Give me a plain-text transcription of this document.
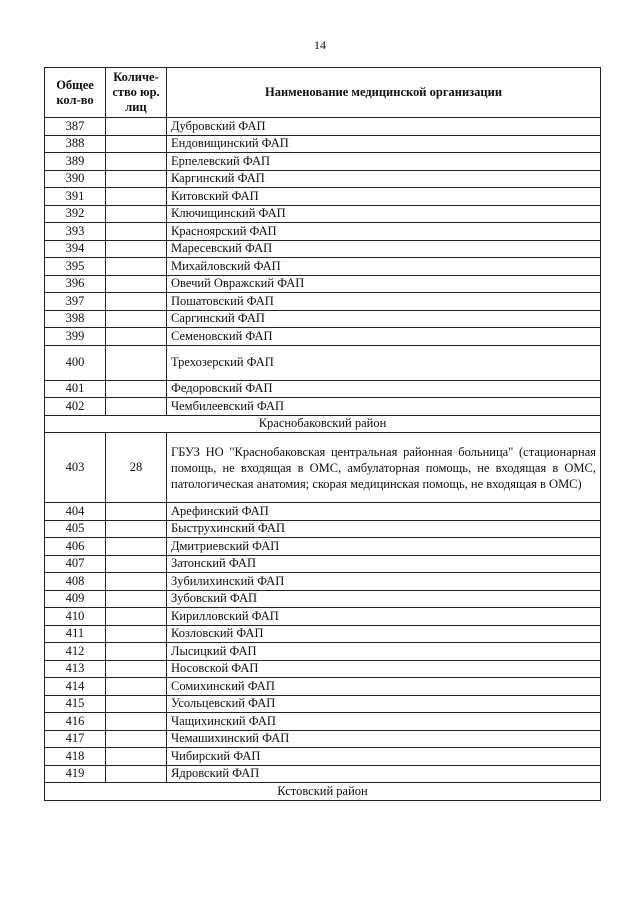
14
Общее кол-во	Количе-ство юр. лиц	Наименование медицинской организации
387		Дубровский ФАП
388		Ендовищинский ФАП
389		Ерпелевский ФАП
390		Каргинский ФАП
391		Китовский ФАП
392		Ключищинский ФАП
393		Красноярский ФАП
394		Маресевский ФАП
395		Михайловский ФАП
396		Овечий Овражский ФАП
397		Пошатовский ФАП
398		Саргинский ФАП
399		Семеновский ФАП
400		Трехозерский ФАП
401		Федоровский ФАП
402		Чембилеевский ФАП
Краснобаковский район		
403	28	ГБУЗ НО "Краснобаковская центральная районная больница" (стационарная помощь, не входящая в ОМС, амбулаторная помощь, не входящая в ОМС, патологическая анатомия; скорая медицинская помощь, не входящая в ОМС)
404		Арефинский ФАП
405		Быструхинский ФАП
406		Дмитриевский ФАП
407		Затонский ФАП
408		Зубилихинский ФАП
409		Зубовский ФАП
410		Кирилловский ФАП
411		Козловский ФАП
412		Лысицкий ФАП
413		Носовской ФАП
414		Сомихинский ФАП
415		Усольцевский ФАП
416		Чащихинский ФАП
417		Чемашихинский ФАП
418		Чибирский ФАП
419		Ядровский ФАП
Кстовский район		
